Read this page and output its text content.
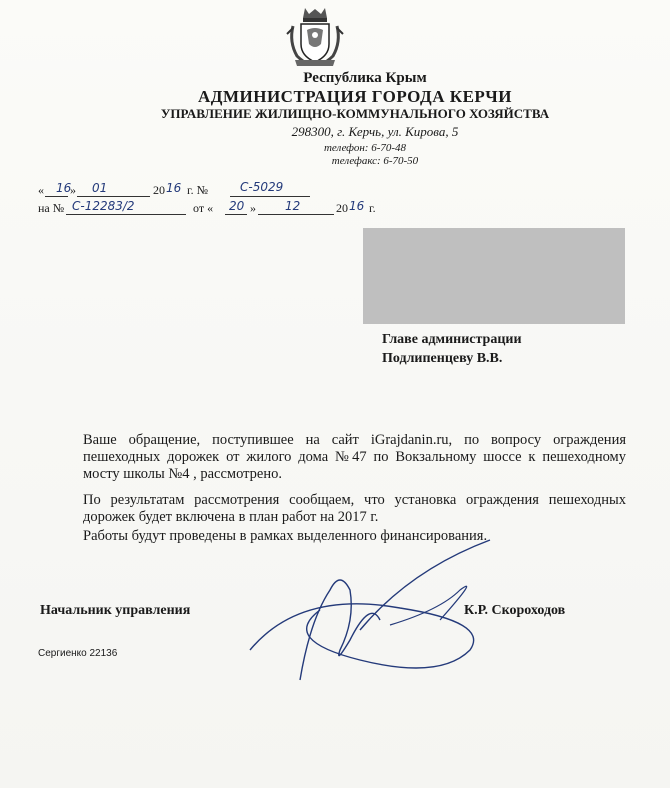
Республика Крым
АДМИНИСТРАЦИЯ ГОРОДА КЕРЧИ
УПРАВЛЕНИЕ ЖИЛИЩНО-КОММУНАЛЬНОГО ХОЗЯЙСТВА
298300, г. Керчь, ул. Кирова, 5
телефон: 6-70-48
телефакс: 6-70-50
« 16
» 01	20 16 г. №	С-5029
на № С-12283/2	от « 20 » 12	20 16 г.
Главе администрации
Подлипенцеву В.В.

Ваше обращение, поступившее на сайт iGrajdanin.ru, по вопросу ограждения пешеходных дорожек от жилого дома №47 по Вокзальному шоссе к пешеходному мосту школы №4 , рассмотрено.

По результатам рассмотрения сообщаем, что установка ограждения пешеходных дорожек будет включена в план работ на 2017 г.

Работы будут проведены в рамках выделенного финансирования.

Начальник управления	К.Р. Скороходов
Сергиенко 22136
